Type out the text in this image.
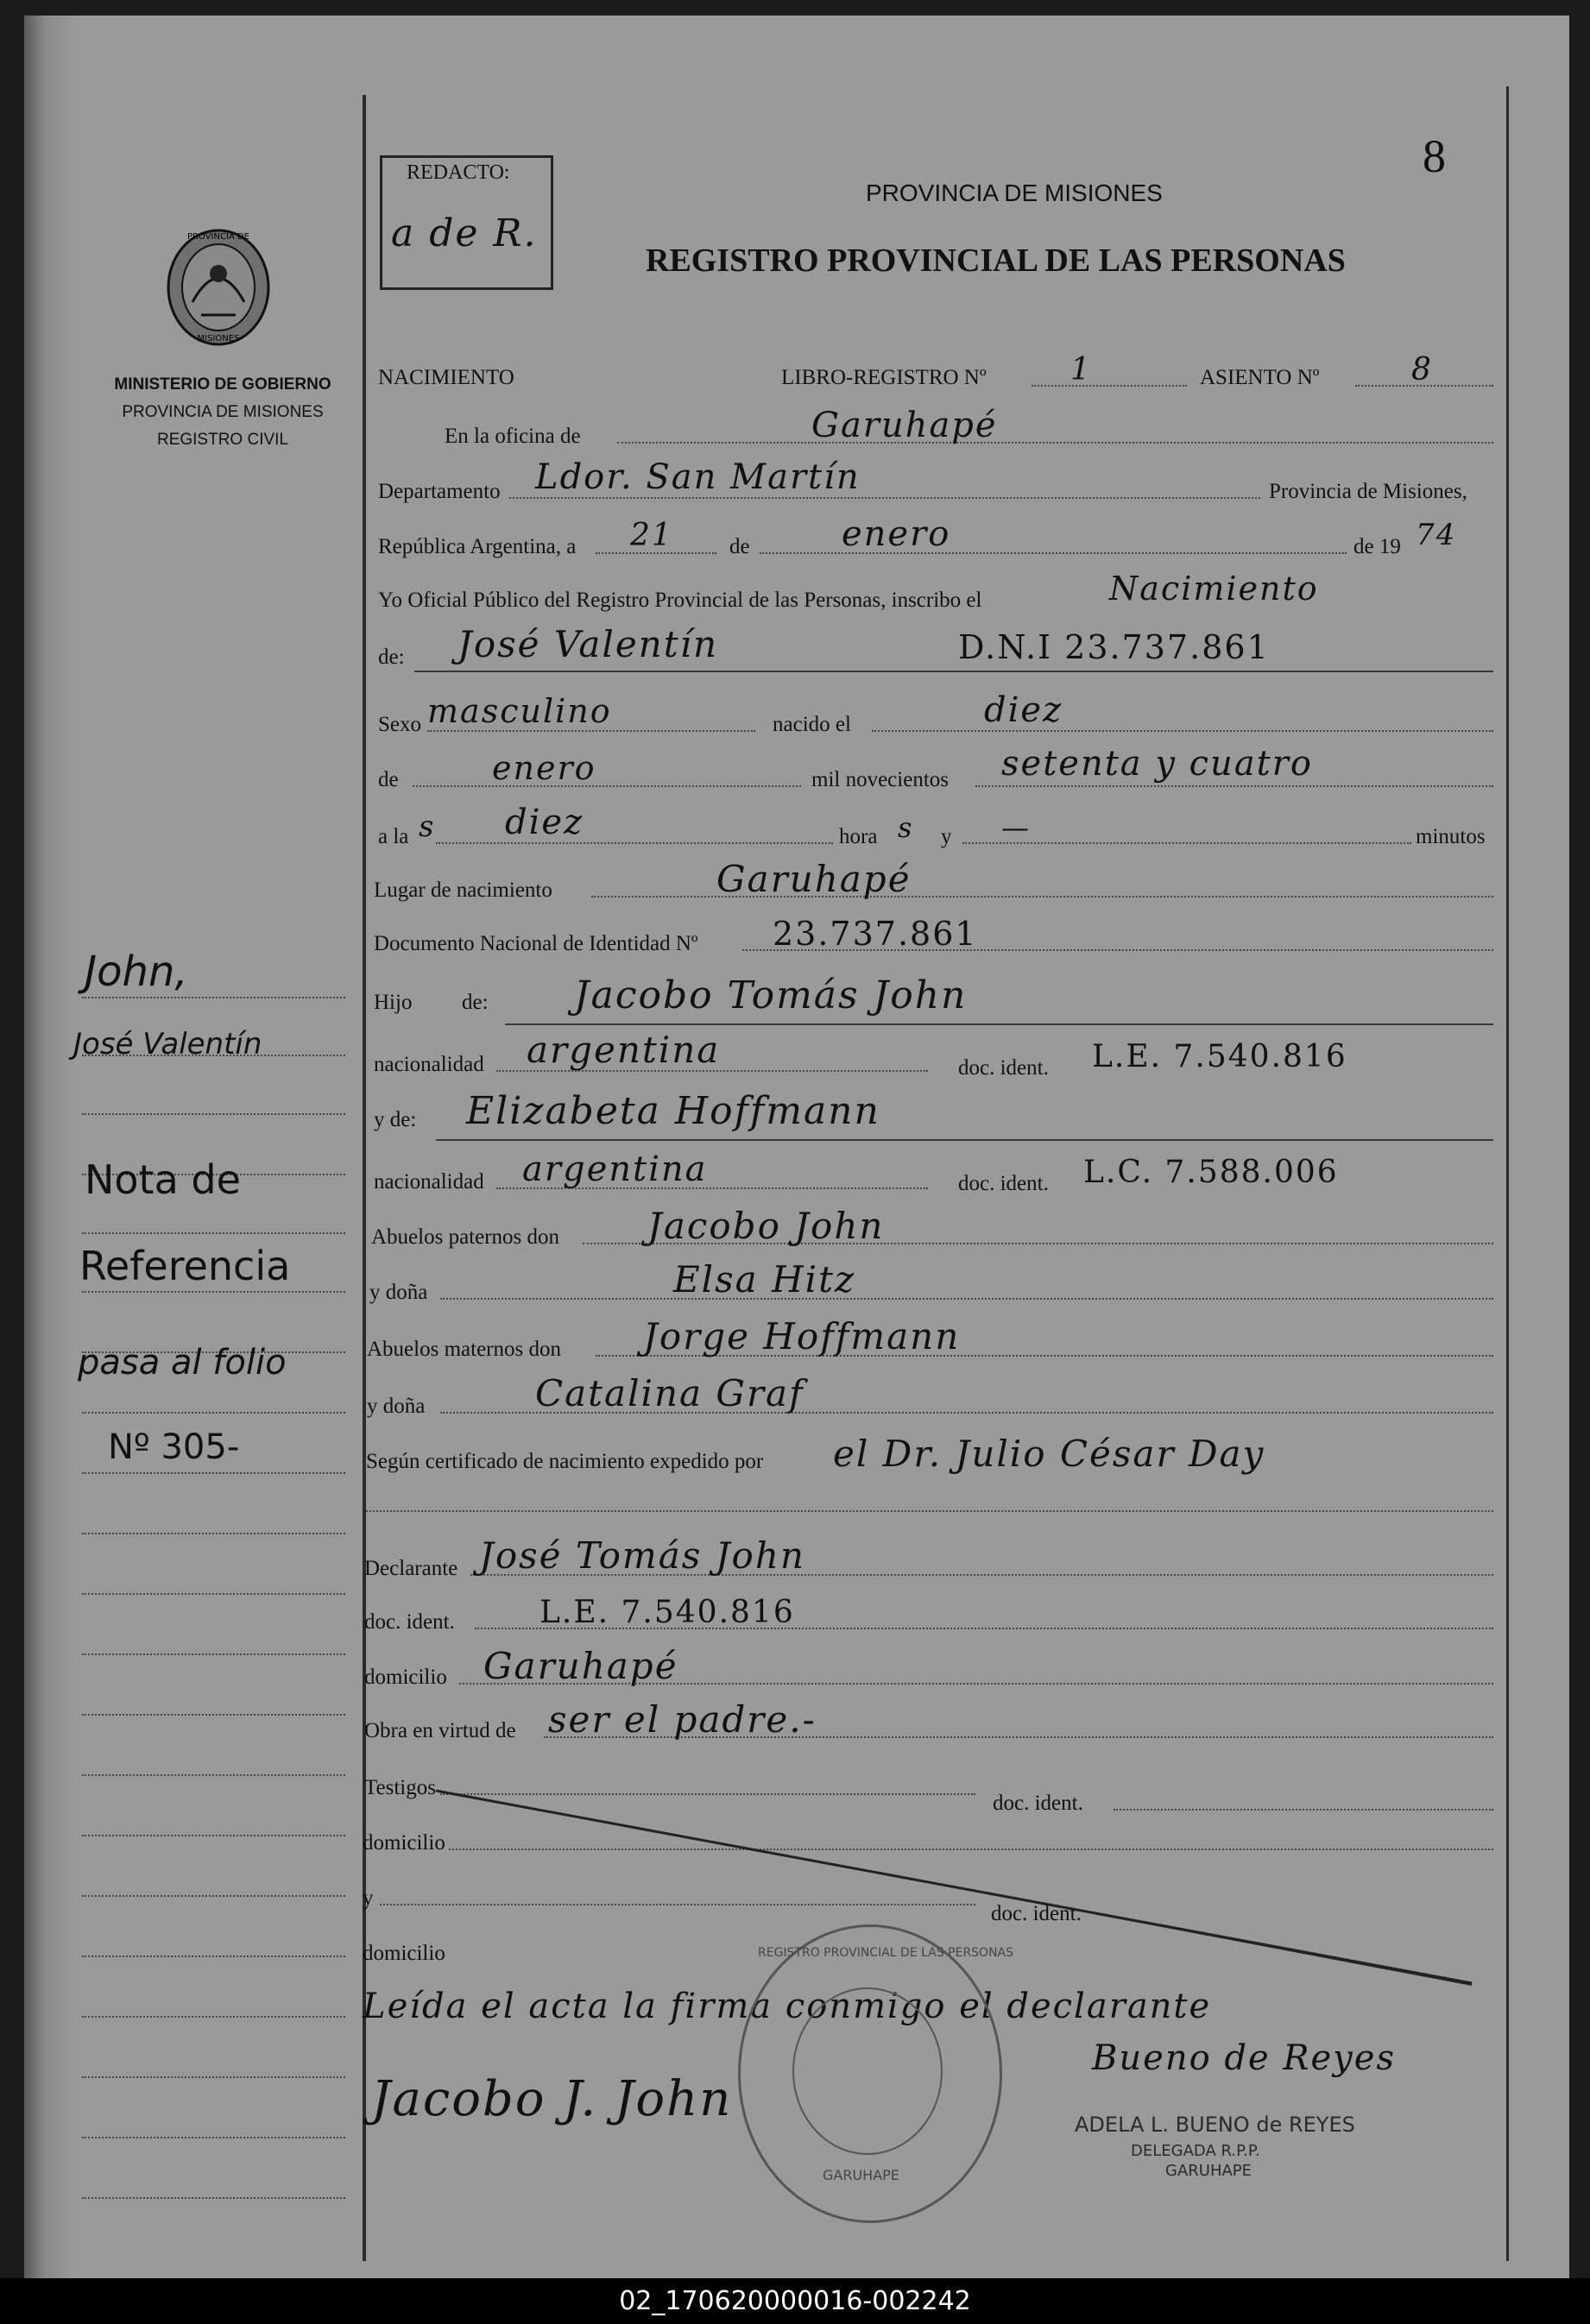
8
REDACTO:
a de R.
PROVINCIA DE MISIONES
REGISTRO PROVINCIAL DE LAS PERSONAS
PROVINCIA DE
MISIONES
MINISTERIO DE GOBIERNO
PROVINCIA DE MISIONES
REGISTRO CIVIL
NACIMIENTO	LIBRO-REGISTRO Nº	1	ASIENTO Nº	8
En la oficina de	Garuhapé
Departamento Ldor. San Martín	Provincia de Misiones,
República Argentina, a 21	de	enero	de 19 74
Yo Oficial Público del Registro Provincial de las Personas, inscribo el	Nacimiento
de: José Valentín	D.N.I 23.737.861
Sexo masculino	nacido el	diez
de	enero	mil novecientos setenta y cuatro
a la s diez	hora s y —	minutos
Lugar de nacimiento	Garuhapé
Documento Nacional de Identidad Nº 23.737.861
Hijo de: Jacobo Tomás John
nacionalidad argentina	doc. ident. L.E. 7.540.816
y de: Elizabeta Hoffmann
nacionalidad argentina	doc. ident. L.C. 7.588.006
Abuelos paternos don Jacobo John
y doña	Elsa Hitz
Abuelos maternos don Jorge Hoffmann
y doña	Catalina Graf
Según certificado de nacimiento expedido por el Dr. Julio César Day
Declarante José Tomás John
doc. ident.	L.E. 7.540.816
domicilio Garuhapé
Obra en virtud de ser el padre.-
Testigos
doc. ident.
domicilio
y
doc. ident.
domicilio
Leída el acta la firma conmigo el declarante
Bueno de Reyes
Jacobo J. John
REGISTRO PROVINCIAL DE LAS PERSONAS
GARUHAPE
ADELA L. BUENO de REYES
DELEGADA R.P.P.
GARUHAPE
John,
José Valentín
Nota de
Referencia
pasa al folio
Nº 305-
02_170620000016-002242
